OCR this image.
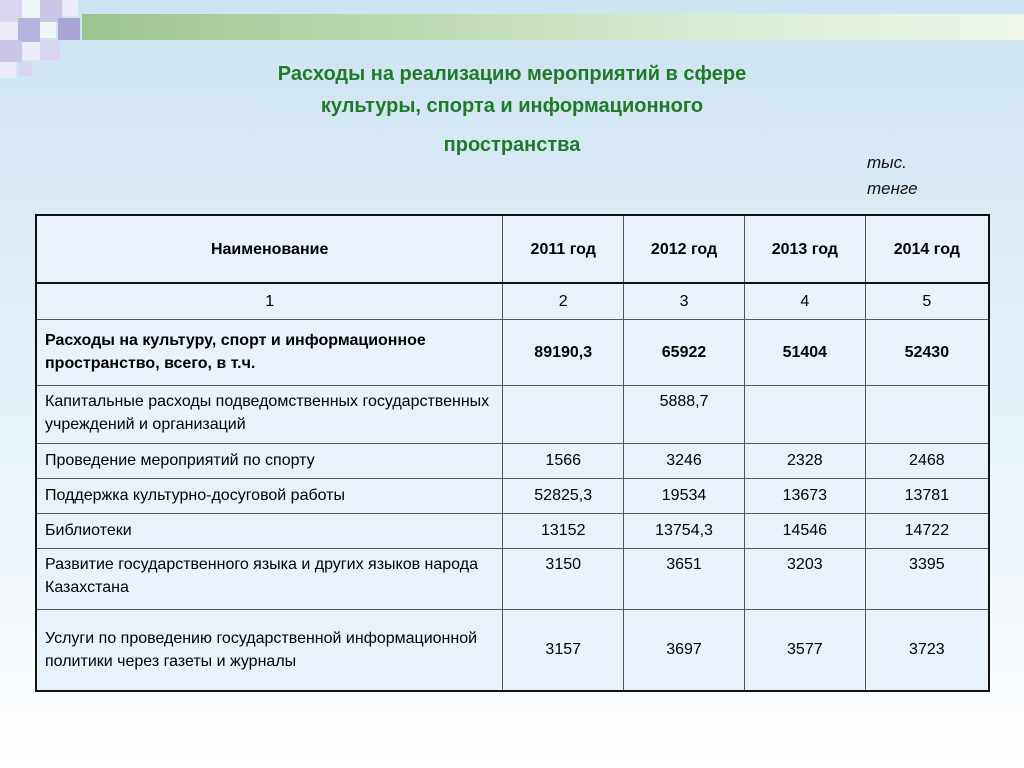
Расходы на реализацию мероприятий в сфере
культуры, спорта и информационного
пространства
тыс.
тенге
Наименование	2011 год	2012 год	2013 год	2014 год
1	2	3	4	5
Расходы на культуру, спорт и информационное пространство, всего, в т.ч.	89190,3	65922	51404	52430
Капитальные расходы подведомственных государственных учреждений и организаций		5888,7		
Проведение мероприятий по спорту	1566	3246	2328	2468
Поддержка культурно-досуговой работы	52825,3	19534	13673	13781
Библиотеки	13152	13754,3	14546	14722
Развитие государственного языка и других языков народа Казахстана	3150	3651	3203	3395
Услуги по проведению государственной информационной политики через газеты и журналы	3157	3697	3577	3723
